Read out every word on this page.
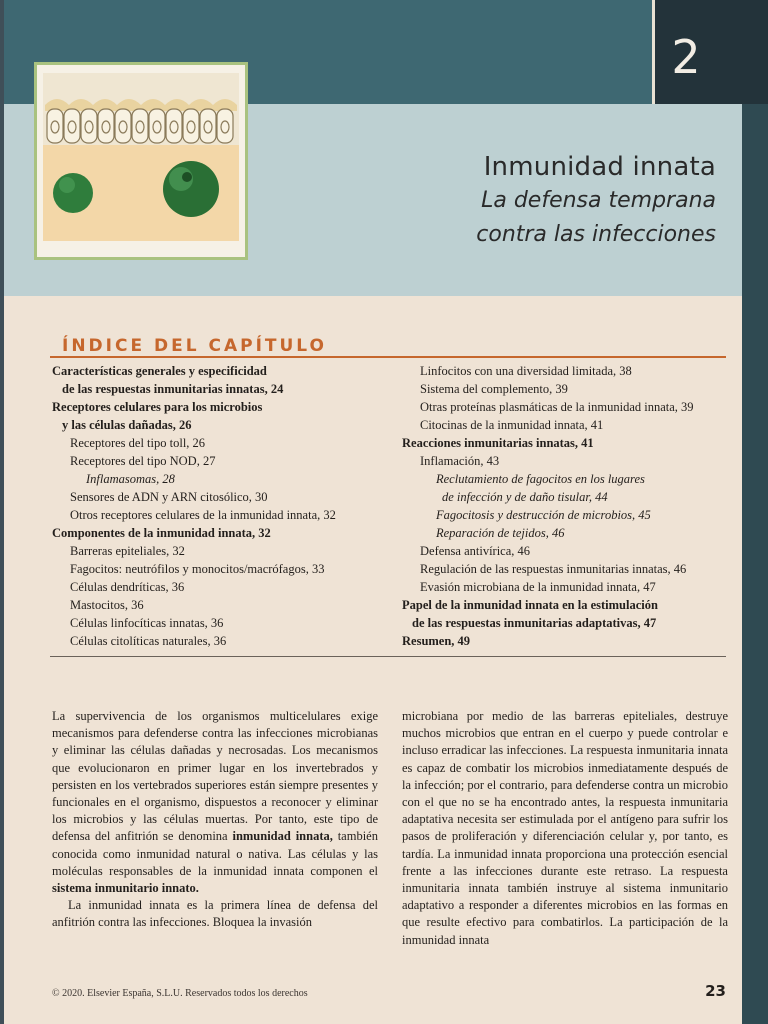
2
Inmunidad innata
La defensa temprana
contra las infecciones
ÍNDICE DEL CAPÍTULO
Características generales y especificidad
de las respuestas inmunitarias innatas, 24
Receptores celulares para los microbios
y las células dañadas, 26
Receptores del tipo toll, 26
Receptores del tipo NOD, 27
Inflamasomas, 28
Sensores de ADN y ARN citosólico, 30
Otros receptores celulares de la inmunidad innata, 32
Componentes de la inmunidad innata, 32
Barreras epiteliales, 32
Fagocitos: neutrófilos y monocitos/macrófagos, 33
Células dendríticas, 36
Mastocitos, 36
Células linfocíticas innatas, 36
Células citolíticas naturales, 36
Linfocitos con una diversidad limitada, 38
Sistema del complemento, 39
Otras proteínas plasmáticas de la inmunidad innata, 39
Citocinas de la inmunidad innata, 41
Reacciones inmunitarias innatas, 41
Inflamación, 43
Reclutamiento de fagocitos en los lugares
de infección y de daño tisular, 44
Fagocitosis y destrucción de microbios, 45
Reparación de tejidos, 46
Defensa antivírica, 46
Regulación de las respuestas inmunitarias innatas, 46
Evasión microbiana de la inmunidad innata, 47
Papel de la inmunidad innata en la estimulación
de las respuestas inmunitarias adaptativas, 47
Resumen, 49

La supervivencia de los organismos multicelulares exige mecanismos para defenderse contra las infecciones microbianas y eliminar las células dañadas y necrosadas. Los mecanismos que evolucionaron en primer lugar en los invertebrados y persisten en los vertebrados superiores están siempre presentes y funcionales en el organismo, dispuestos a reconocer y eliminar los microbios y las células muertas. Por tanto, este tipo de defensa del anfitrión se denomina inmunidad innata, también conocida como inmunidad natural o nativa. Las células y las moléculas responsables de la inmunidad innata componen el sistema inmunitario innato.

La inmunidad innata es la primera línea de defensa del anfitrión contra las infecciones. Bloquea la invasión

microbiana por medio de las barreras epiteliales, destruye muchos microbios que entran en el cuerpo y puede controlar e incluso erradicar las infecciones. La respuesta inmunitaria innata es capaz de combatir los microbios inmediatamente después de la infección; por el contrario, para defenderse contra un microbio con el que no se ha encontrado antes, la respuesta inmunitaria adaptativa necesita ser estimulada por el antígeno para sufrir los pasos de proliferación y diferenciación celular y, por tanto, es tardía. La inmunidad innata proporciona una protección esencial frente a las infecciones durante este retraso. La respuesta inmunitaria innata también instruye al sistema inmunitario adaptativo a responder a diferentes microbios en las formas en que resulte efectivo para combatirlos. La participación de la inmunidad innata

© 2020. Elsevier España, S.L.U. Reservados todos los derechos	23
